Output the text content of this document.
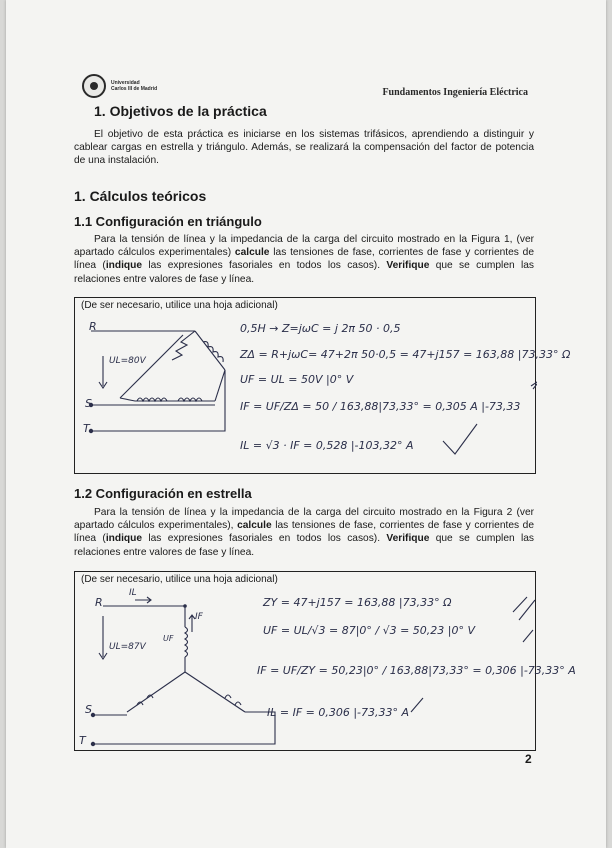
Universidad
Carlos III de Madrid	Fundamentos Ingeniería Eléctrica
1. Objetivos de la práctica

El objetivo de esta práctica es iniciarse en los sistemas trifásicos, aprendiendo a distinguir y cablear cargas en estrella y triángulo. Además, se realizará la compensación del factor de potencia de una instalación.

1. Cálculos teóricos
1.1 Configuración en triángulo

Para la tensión de línea y la impedancia de la carga del circuito mostrado en la Figura 1, (ver apartado cálculos experimentales) calcule las tensiones de fase, corrientes de fase y corrientes de línea (indique las expresiones fasoriales en todos los casos). Verifique que se cumplen las relaciones entre valores de fase y línea.

(De ser necesario, utilice una hoja adicional)
R
S
T
UL=80V
0,5H → Z=jωC = j 2π 50 · 0,5
ZΔ = R+jωC= 47+2π 50·0,5 = 47+j157 = 163,88 |73,33° Ω
UF = UL = 50V |0° V
IF = UF/ZΔ = 50 / 163,88|73,33° = 0,305 A |-73,33
IL = √3 · IF = 0,528 |-103,32° A
1.2 Configuración en estrella

Para la tensión de línea y la impedancia de la carga del circuito mostrado en la Figura 2 (ver apartado cálculos experimentales), calcule las tensiones de fase, corrientes de fase y corrientes de línea (indique las expresiones fasoriales en todos los casos). Verifique que se cumplen las relaciones entre valores de fase y línea.

(De ser necesario, utilice una hoja adicional)
R
S
T
IL
IF
UF
UL=87V
ZY = 47+j157 = 163,88 |73,33° Ω
UF = UL/√3 = 87|0° / √3 = 50,23 |0° V
IF = UF/ZY = 50,23|0° / 163,88|73,33° = 0,306 |-73,33° A
IL = IF = 0,306 |-73,33° A
2
